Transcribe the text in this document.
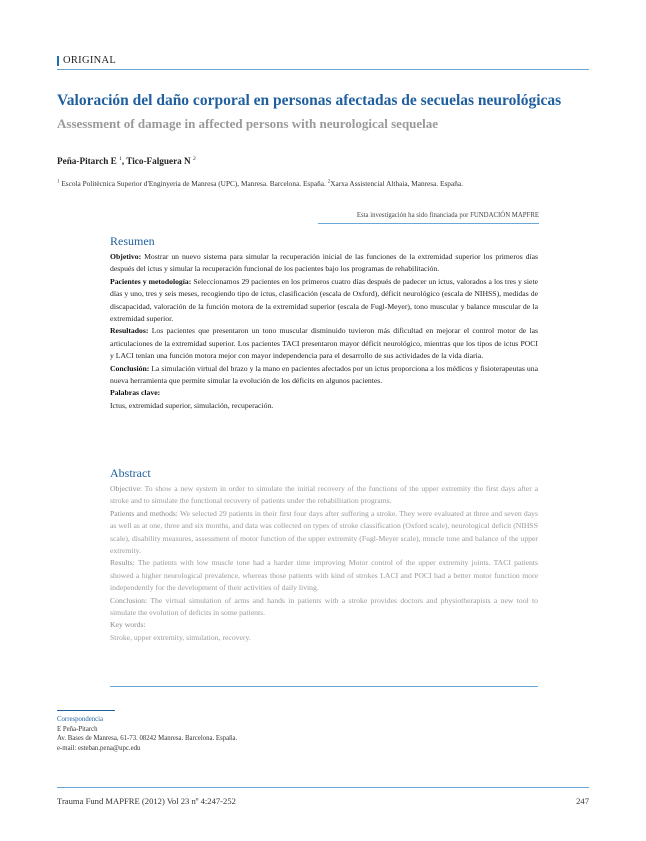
ORIGINAL
Valoración del daño corporal en personas afectadas de secuelas neurológicas
Assessment of damage in affected persons with neurological sequelae
Peña-Pitarch E $^1$, Tico-Falguera N $^2$
$^1$ Escola Politècnica Superior d'Enginyeria de Manresa (UPC), Manresa. Barcelona. España. $^2$Xarxa Assistencial Althaia, Manresa. España.
Esta investigación ha sido financiada por FUNDACIÓN MAPFRE
Resumen

Objetivo: Mostrar un nuevo sistema para simular la recuperación inicial de las funciones de la extremidad superior los primeros días después del ictus y simular la recuperación funcional de los pacientes bajo los programas de rehabilitación.

Pacientes y metodología: Seleccionamos 29 pacientes en los primeros cuatro días después de padecer un ictus, valorados a los tres y siete días y uno, tres y seis meses, recogiendo tipo de ictus, clasificación (escala de Oxford), déficit neurológico (escala de NIHSS), medidas de discapacidad, valoración de la función motora de la extremidad superior (escala de Fugl-Meyer), tono muscular y balance muscular de la extremidad superior.

Resultados: Los pacientes que presentaron un tono muscular disminuido tuvieron más dificultad en mejorar el control motor de las articulaciones de la extremidad superior. Los pacientes TACI presentaron mayor déficit neurológico, mientras que los tipos de ictus POCI y LACI tenían una función motora mejor con mayor independencia para el desarrollo de sus actividades de la vida diaria.

Conclusión: La simulación virtual del brazo y la mano en pacientes afectados por un ictus proporciona a los médicos y fisioterapeutas una nueva herramienta que permite simular la evolución de los déficits en algunos pacientes.

Palabras clave:

Ictus, extremidad superior, simulación, recuperación.

Abstract

Objective: To show a new system in order to simulate the initial recovery of the functions of the upper extremity the first days after a stroke and to simulate the functional recovery of patients under the rehabilitation programs.

Patients and methods: We selected 29 patients in their first four days after suffering a stroke. They were evaluated at three and seven days as well as at one, three and six months, and data was collected on types of stroke classification (Oxford scale), neurological deficit (NIHSS scale), disability measures, assessment of motor function of the upper extremity (Fugl-Meyer scale), muscle tone and balance of the upper extremity.

Results: The patients with low muscle tone had a harder time improving Motor control of the upper extremity joints. TACI patients showed a higher neurological prevalence, whereas those patients with kind of strokes LACI and POCI had a better motor function more independently for the development of their activities of daily living.

Conclusion: The virtual simulation of arms and hands in patients with a stroke provides doctors and physiotherapists a new tool to simulate the evolution of deficits in some patients.

Key words:

Stroke, upper extremity, simulation, recovery.

Correspondencia
E Peña-Pitarch
Av. Bases de Manresa, 61-73. 08242 Manresa. Barcelona. España.
e-mail: esteban.pena@upc.edu
Trauma Fund MAPFRE (2012) Vol 23 nº 4:247-252	247
